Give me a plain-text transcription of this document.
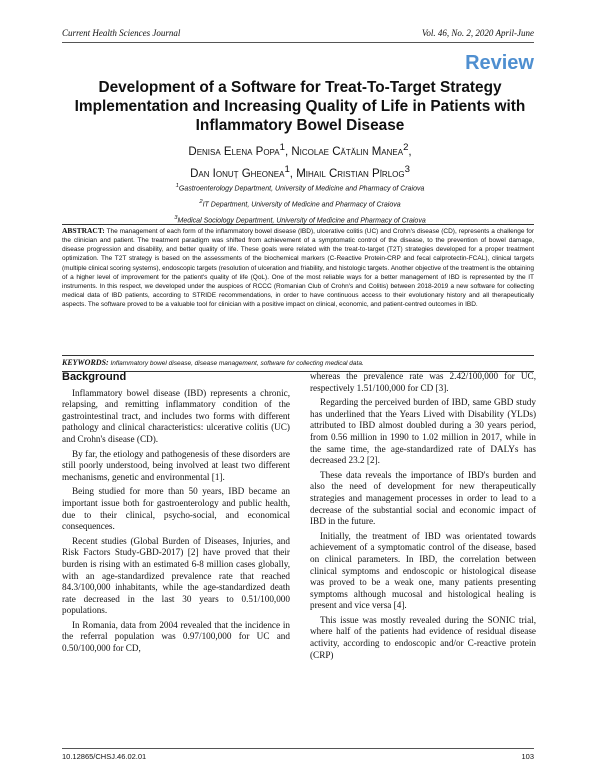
Current Health Sciences Journal	Vol. 46, No. 2, 2020 April-June
Review
Development of a Software for Treat-To-Target Strategy Implementation and Increasing Quality of Life in Patients with Inflammatory Bowel Disease
Denisa Elena Popa$^1$, Nicolae Cătălin Manea$^2$,
Dan Ionuț Gheonea$^1$, Mihail Cristian Pîrlog$^3$
$^1$Gastroenterology Department, University of Medicine and Pharmacy of Craiova
$^2$IT Department, University of Medicine and Pharmacy of Craiova
$^3$Medical Sociology Department, University of Medicine and Pharmacy of Craiova
ABSTRACT: The management of each form of the inflammatory bowel disease (IBD), ulcerative colitis (UC) and Crohn's disease (CD), represents a challenge for the clinician and patient. The treatment paradigm was shifted from achievement of a symptomatic control of the disease, to the prevention of bowel damage, disease progression and disability, and better quality of life. These goals were related with the treat-to-target (T2T) strategies developed for a proper treatment optimization. The T2T strategy is based on the assessments of the biochemical markers (C-Reactive Protein-CRP and fecal calprotectin-FCAL), clinical targets (multiple clinical scoring systems), endoscopic targets (resolution of ulceration and friability, and histologic targets. Another objective of the treatment is the obtaining of a higher level of improvement for the patient's quality of life (QoL). One of the most reliable ways for a better management of IBD is represented by the IT instruments. In this respect, we developed under the auspices of RCCC (Romanian Club of Crohn's and Colitis) between 2018-2019 a new software for collecting medical data of IBD patients, according to STRIDE recommendations, in order to have continuous access to their evolutionary history and all therapeutically aspects. The software proved to be a valuable tool for clinician with a positive impact on clinical, economic, and patient-centred outcomes in IBD.
KEYWORDS: Inflammatory bowel disease, disease management, software for collecting medical data.
Background

Inflammatory bowel disease (IBD) represents a chronic, relapsing, and remitting inflammatory condition of the gastrointestinal tract, and includes two forms with different pathology and clinical characteristics: ulcerative colitis (UC) and Crohn's disease (CD).

By far, the etiology and pathogenesis of these disorders are still poorly understood, being involved at least two different mechanisms, genetic and environmental [1].

Being studied for more than 50 years, IBD became an important issue both for gastroenterology and public health, due to their clinical, psycho-social, and economical consequences.

Recent studies (Global Burden of Diseases, Injuries, and Risk Factors Study-GBD-2017) [2] have proved that their burden is rising with an estimated 6-8 million cases globally, with an age-standardized prevalence rate that reached 84.3/100,000 inhabitants, while the age-standardized death rate decreased in the last 30 years to 0.51/100,000 populations.

In Romania, data from 2004 revealed that the incidence in the referral population was 0.97/100,000 for UC and 0.50/100,000 for CD,

whereas the prevalence rate was 2.42/100,000 for UC, respectively 1.51/100,000 for CD [3].

Regarding the perceived burden of IBD, same GBD study has underlined that the Years Lived with Disability (YLDs) attributed to IBD almost doubled during a 30 years period, from 0.56 million in 1990 to 1.02 million in 2017, while in the same time, the age-standardized rate of DALYs has decreased 23.2 [2].

These data reveals the importance of IBD's burden and also the need of development for new therapeutically strategies and management processes in order to lead to a decrease of the substantial social and economic impact of IBD in the future.

Initially, the treatment of IBD was orientated towards achievement of a symptomatic control of the disease, based on clinical parameters. In IBD, the correlation between clinical symptoms and endoscopic or histological disease was proved to be a weak one, many patients presenting symptoms although mucosal and histological healing is present and vice versa [4].

This issue was mostly revealed during the SONIC trial, where half of the patients had evidence of residual disease activity, according to endoscopic and/or C-reactive protein (CRP)

10.12865/CHSJ.46.02.01	103
